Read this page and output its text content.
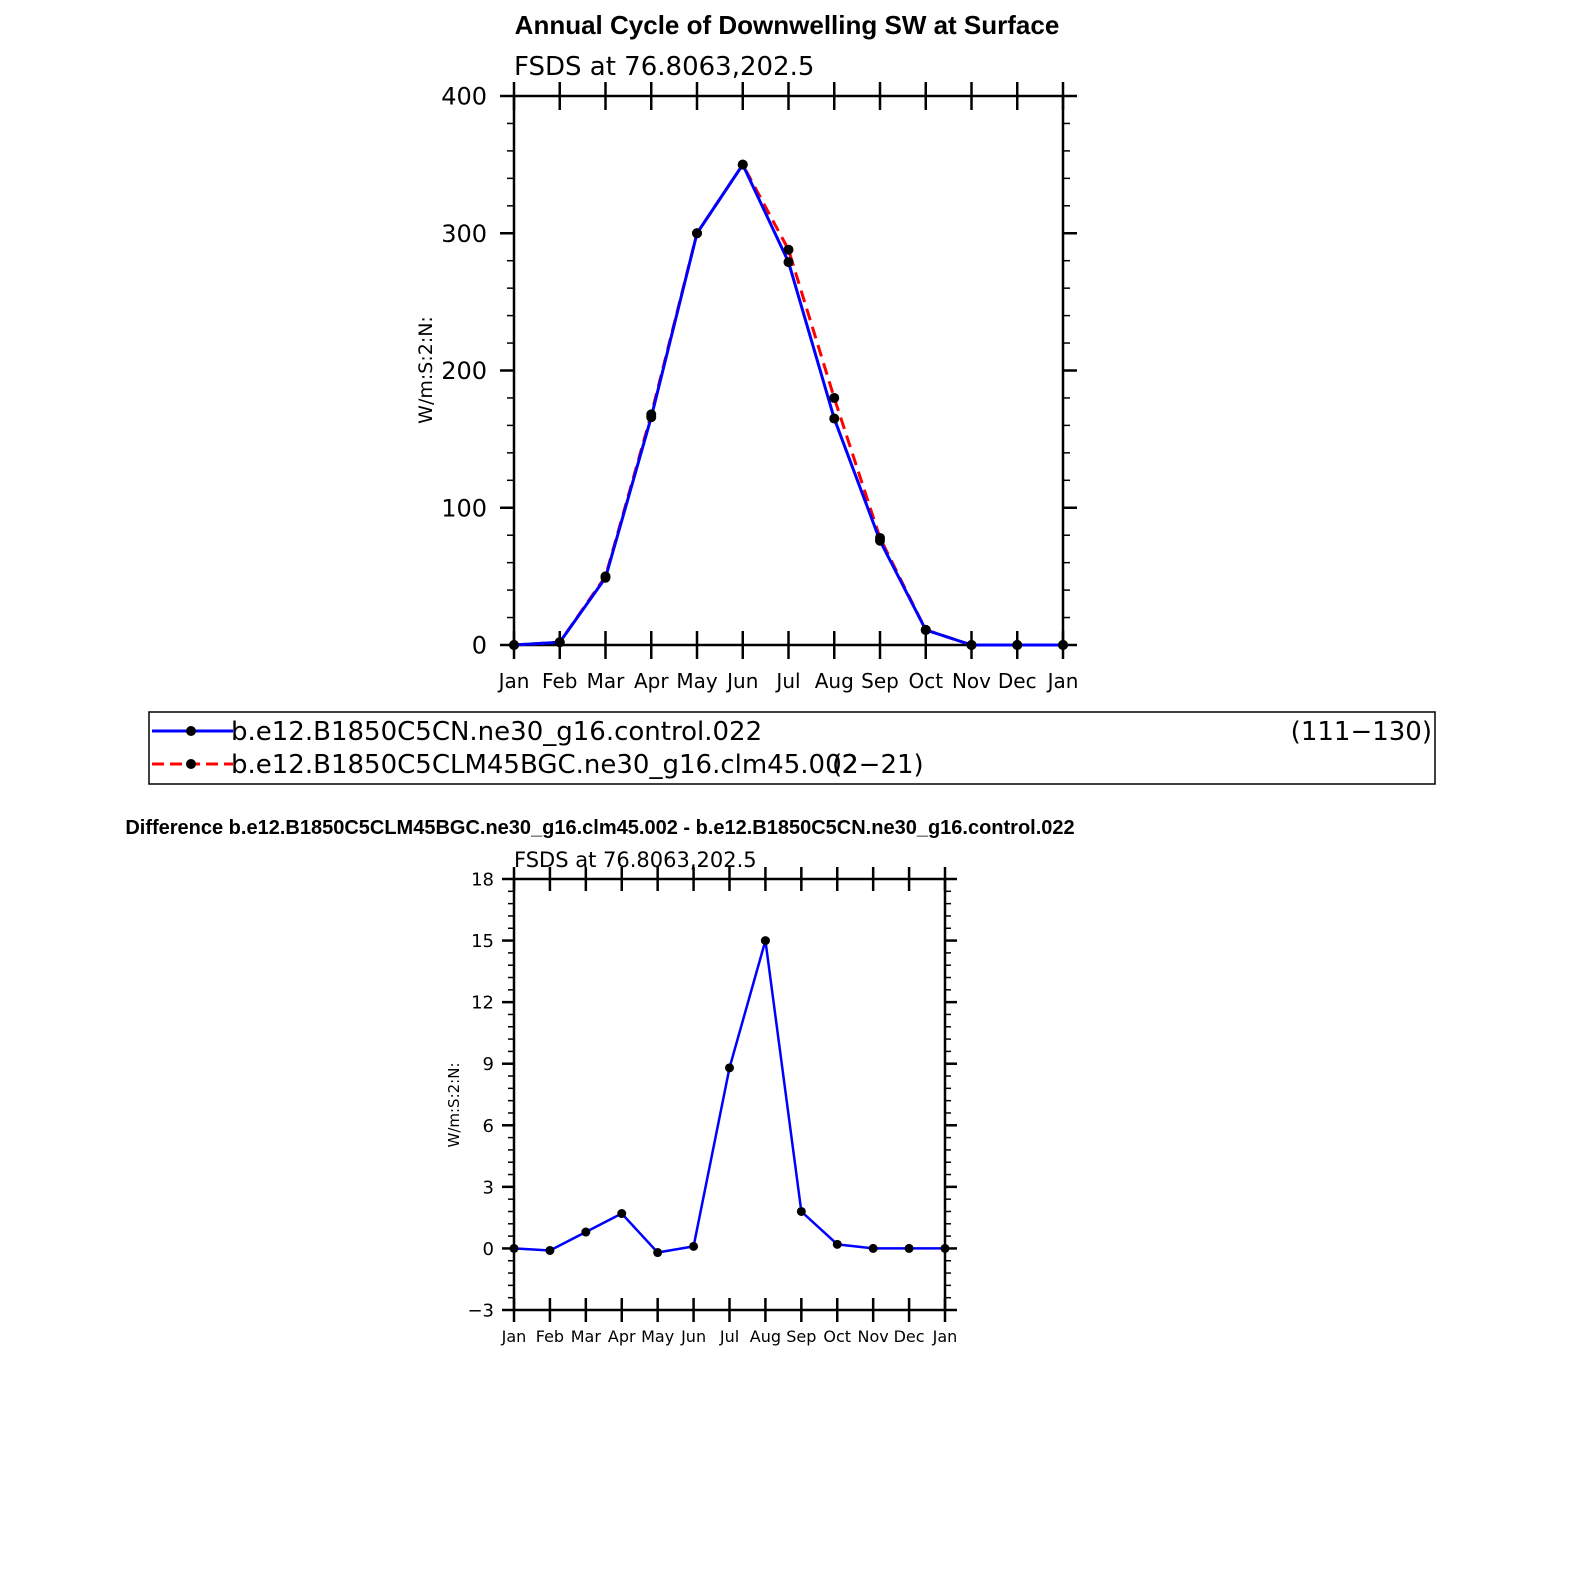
Annual Cycle of Downwelling SW at Surface
FSDS at 76.8063,202.5
W/m:S:2:N:
0
100
200
300
400
Jan Feb Mar Apr May Jun Jul Aug Sep Oct Nov Dec Jan
b.e12.B1850C5CN.ne30_g16.control.022	(111−130)
b.e12.B1850C5CLM45BGC.ne30_g16.clm45.002
(2−21)
Difference b.e12.B1850C5CLM45BGC.ne30_g16.clm45.002 - b.e12.B1850C5CN.ne30_g16.control.022
FSDS at 76.8063,202.5
W/m:S:2:N:
−3
0
3
6
9
12
15
18
Jan Feb Mar Apr May Jun Jul Aug Sep Oct Nov Dec Jan
